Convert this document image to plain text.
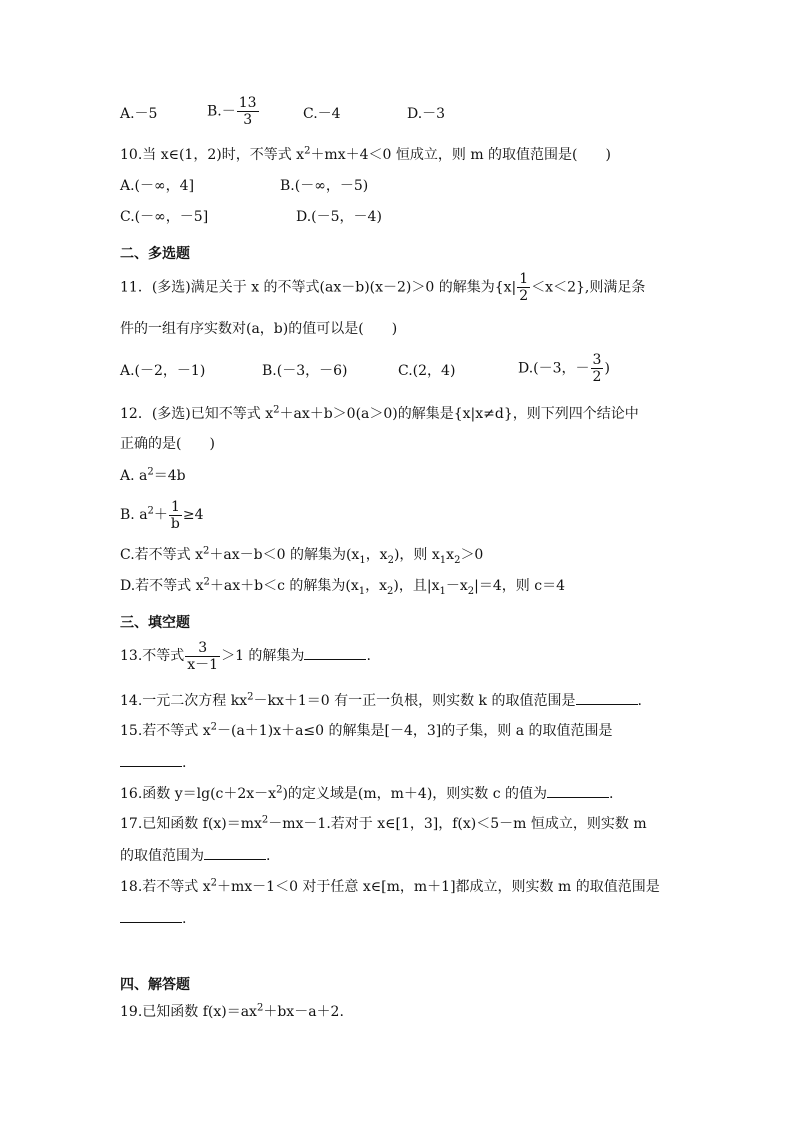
A.－5	$B.- \frac{13}{3}$	C.－4	D.－3
10.当 x∈(1，2)时，不等式 $x^2+mx+4<0$ 恒成立，则 m 的取值范围是(　　)
A.(－∞，4]	B.(－∞，－5)
C.(－∞，－5]	D.(－5，－4)
二、多选题
11．(多选)满足关于 x 的不等式(ax－b)(x－2)＞0 的解集为$\{x| \frac{1}{2} <x<2\}$,则满足条
件的一组有序实数对(a，b)的值可以是(　　)
A.(－2，－1)	B.(－3，－6)	C.(2，4)	D.(－3，－ $\frac{3}{2}$ )
12．(多选)已知不等式 $x^2+ax+b>0(a>0)$的解集是{x|x≠d}，则下列四个结论中
正确的是(　　)
A. $a^2=4b$
B. $a^2+ \frac{1}{b} \ge 4$
C.若不等式 $x^2+ax-b<0$ 的解集为($x_1$，$x_2$)，则 $x_1x_2>0$
D.若不等式 $x^2+ax+b<c$ 的解集为($x_1$，$x_2$)，且$|x_1-x_2|=4$，则 c＝4
三、填空题
13.不等式 $\frac{3}{x-1} >1$ 的解集为	.
14.一元二次方程 $kx^2-kx+1=0$ 有一正一负根，则实数 k 的取值范围是	.
15.若不等式 $x^2-(a+1)x+a\le 0$ 的解集是[－4，3]的子集，则 a 的取值范围是
.
16.函数 $y=\lg(c+2x-x^2)$的定义域是(m，m＋4)，则实数 c 的值为	.
17.已知函数 $f(x)=mx^2-mx-1$.若对于 x∈[1，3]，f(x)＜5－m 恒成立，则实数 m
的取值范围为	.
18.若不等式 $x^2+mx-1<0$ 对于任意 x∈[m，m＋1]都成立，则实数 m 的取值范围是
.
四、解答题
19.已知函数 $f(x)=ax^2+bx-a+2$.
